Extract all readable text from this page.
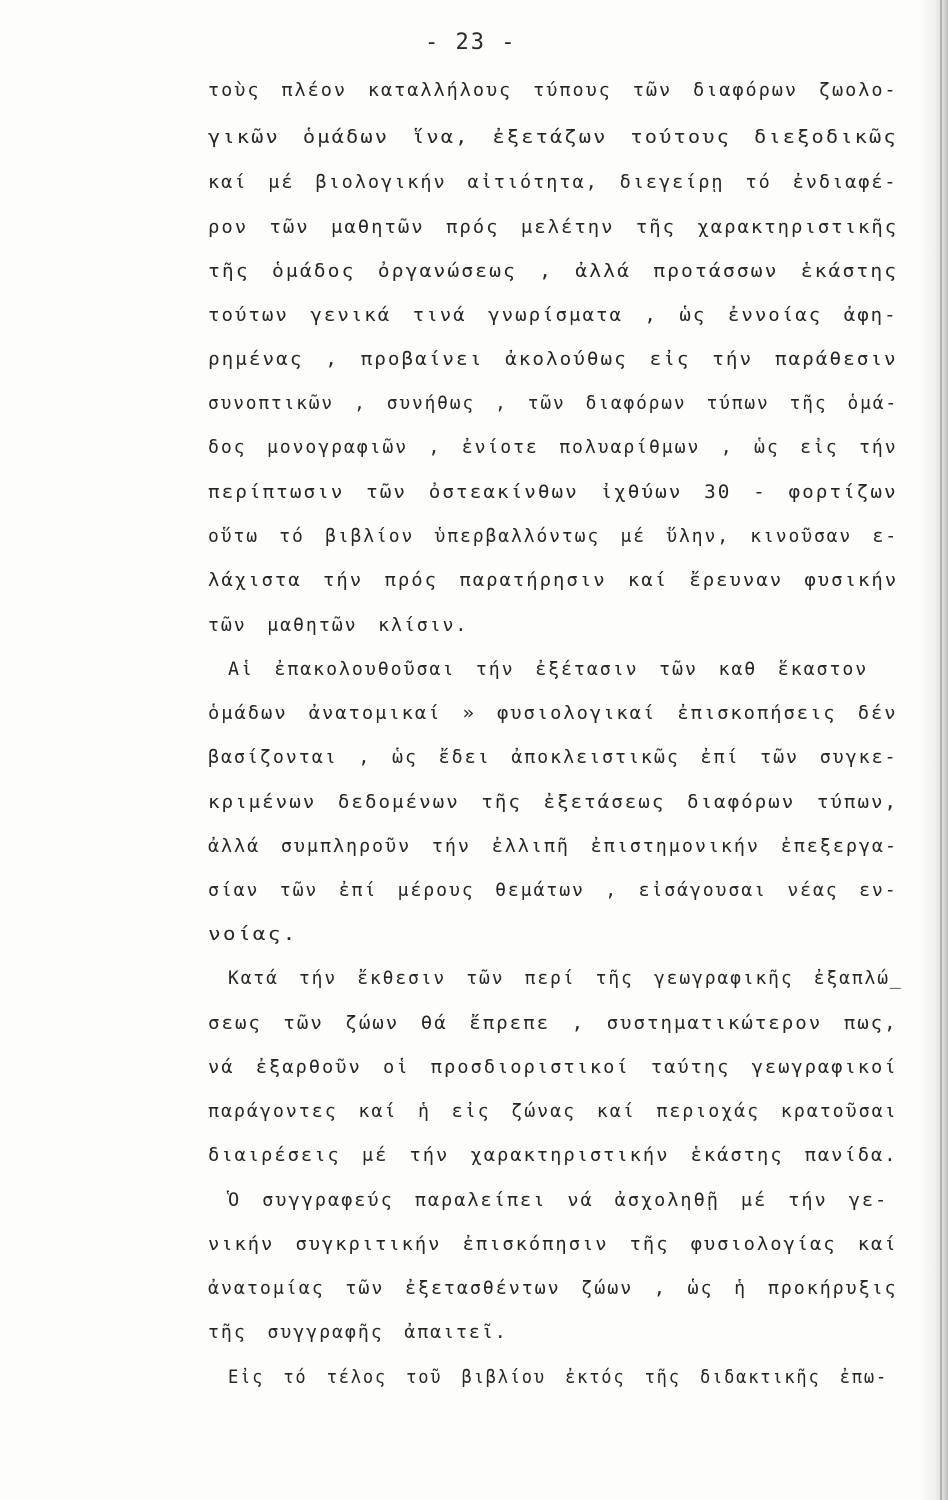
- 23 -
τοὺς πλέον καταλλήλους τύπους τῶν διαφόρων ζωολο-
γικῶν ὁμάδων ἵνα, ἐξετάζων τούτους διεξοδικῶς
καί μέ βιολογικήν αἰτιότητα, διεγείρῃ τό ἐνδιαφέ-
ρον τῶν μαθητῶν πρός μελέτην τῆς χαρακτηριστικῆς
τῆς ὁμάδος ὀργανώσεως , ἀλλά προτάσσων ἑκάστης
τούτων γενικά τινά γνωρίσματα , ὡς ἐννοίας ἀφη-
ρημένας , προβαίνει ἀκολούθως εἰς τήν παράθεσιν
συνοπτικῶν , συνήθως , τῶν διαφόρων τύπων τῆς ὁμά-
δος μονογραφιῶν , ἐνίοτε πολυαρίθμων , ὡς εἰς τήν
περίπτωσιν τῶν ὀστεακίνθων ἰχθύων 30 - φορτίζων
οὕτω τό βιβλίον ὑπερβαλλόντως μέ ὕλην, κινοῦσαν ε-
λάχιστα τήν πρός παρατήρησιν καί ἔρευναν φυσικήν
τῶν μαθητῶν κλίσιν.
Αἱ ἐπακολουθοῦσαι τήν ἐξέτασιν τῶν καθ ἕκαστον
ὁμάδων ἀνατομικαί » φυσιολογικαί ἐπισκοπήσεις δέν
βασίζονται , ὡς ἔδει ἀποκλειστικῶς ἐπί τῶν συγκε-
κριμένων δεδομένων τῆς ἐξετάσεως διαφόρων τύπων,
ἀλλά συμπληροῦν τήν ἐλλιπῆ ἐπιστημονικήν ἐπεξεργα-
σίαν τῶν ἐπί μέρους θεμάτων , εἰσάγουσαι νέας εν-
νοίας.
Κατά τήν ἔκθεσιν τῶν περί τῆς γεωγραφικῆς ἐξαπλώ_
σεως τῶν ζώων θά ἔπρεπε , συστηματικώτερον πως,
νά ἐξαρθοῦν οἱ προσδιοριστικοί ταύτης γεωγραφικοί
παράγοντες καί ἡ εἰς ζώνας καί περιοχάς κρατοῦσαι
διαιρέσεις μέ τήν χαρακτηριστικήν ἑκάστης πανίδα.
Ὁ συγγραφεύς παραλείπει νά ἀσχοληθῇ μέ τήν γε-
νικήν συγκριτικήν ἐπισκόπησιν τῆς φυσιολογίας καί
ἀνατομίας τῶν ἐξετασθέντων ζώων , ὡς ἡ προκήρυξις
τῆς συγγραφῆς ἀπαιτεῖ.
Εἰς τό τέλος τοῦ βιβλίου ἐκτός τῆς διδακτικῆς ἐπω-
